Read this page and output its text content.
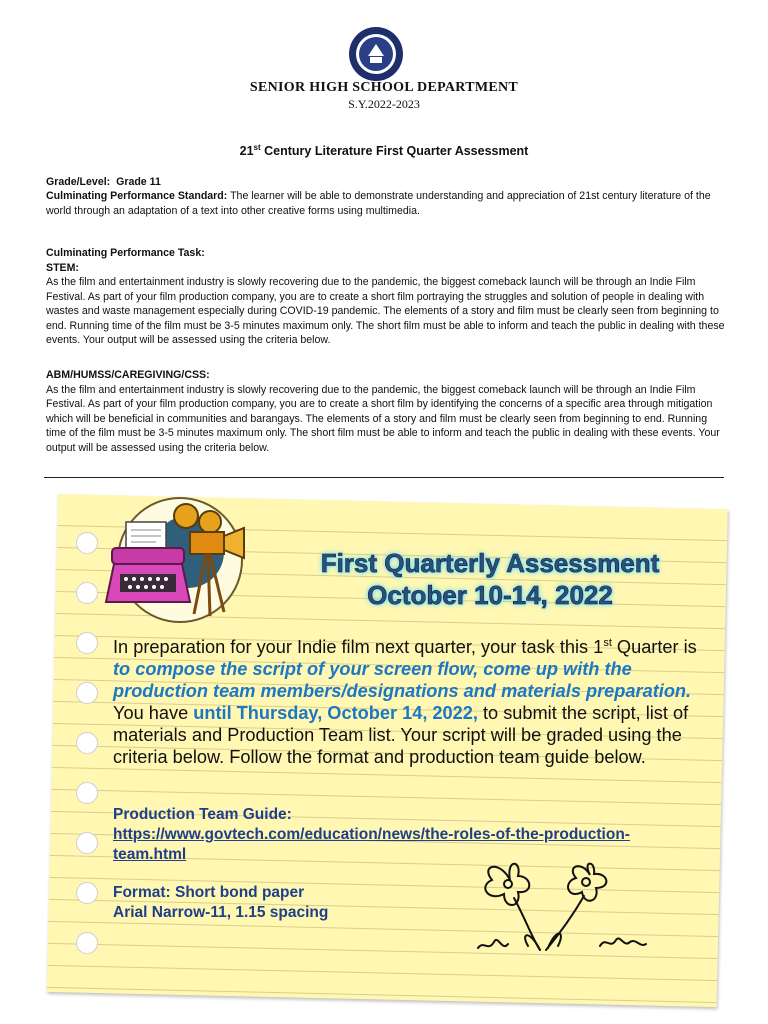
SENIOR HIGH SCHOOL DEPARTMENT
S.Y.2022-2023
21st Century Literature First Quarter Assessment
Grade/Level: Grade 11
Culminating Performance Standard: The learner will be able to demonstrate understanding and appreciation of 21st century literature of the world through an adaptation of a text into other creative forms using multimedia.
Culminating Performance Task:
STEM:
As the film and entertainment industry is slowly recovering due to the pandemic, the biggest comeback launch will be through an Indie Film Festival. As part of your film production company, you are to create a short film portraying the struggles and solution of people in dealing with wastes and waste management especially during COVID-19 pandemic. The elements of a story and film must be clearly seen from beginning to end. Running time of the film must be 3-5 minutes maximum only. The short film must be able to inform and teach the public in dealing with these events. Your output will be assessed using the criteria below.
ABM/HUMSS/CAREGIVING/CSS:
As the film and entertainment industry is slowly recovering due to the pandemic, the biggest comeback launch will be through an Indie Film Festival. As part of your film production company, you are to create a short film by identifying the concerns of a specific area through mitigation which will be beneficial in communities and barangays. The elements of a story and film must be clearly seen from beginning to end. Running time of the film must be 3-5 minutes maximum only. The short film must be able to inform and teach the public in dealing with these events. Your output will be assessed using the criteria below.
First Quarterly Assessment
October 10-14, 2022
In preparation for your Indie film next quarter, your task this 1st Quarter is to compose the script of your screen flow, come up with the production team members/designations and materials preparation. You have until Thursday, October 14, 2022, to submit the script, list of materials and Production Team list. Your script will be graded using the criteria below. Follow the format and production team guide below.
Production Team Guide:
https://www.govtech.com/education/news/the-roles-of-the-production-team.html
Format: Short bond paper
Arial Narrow-11, 1.15 spacing
